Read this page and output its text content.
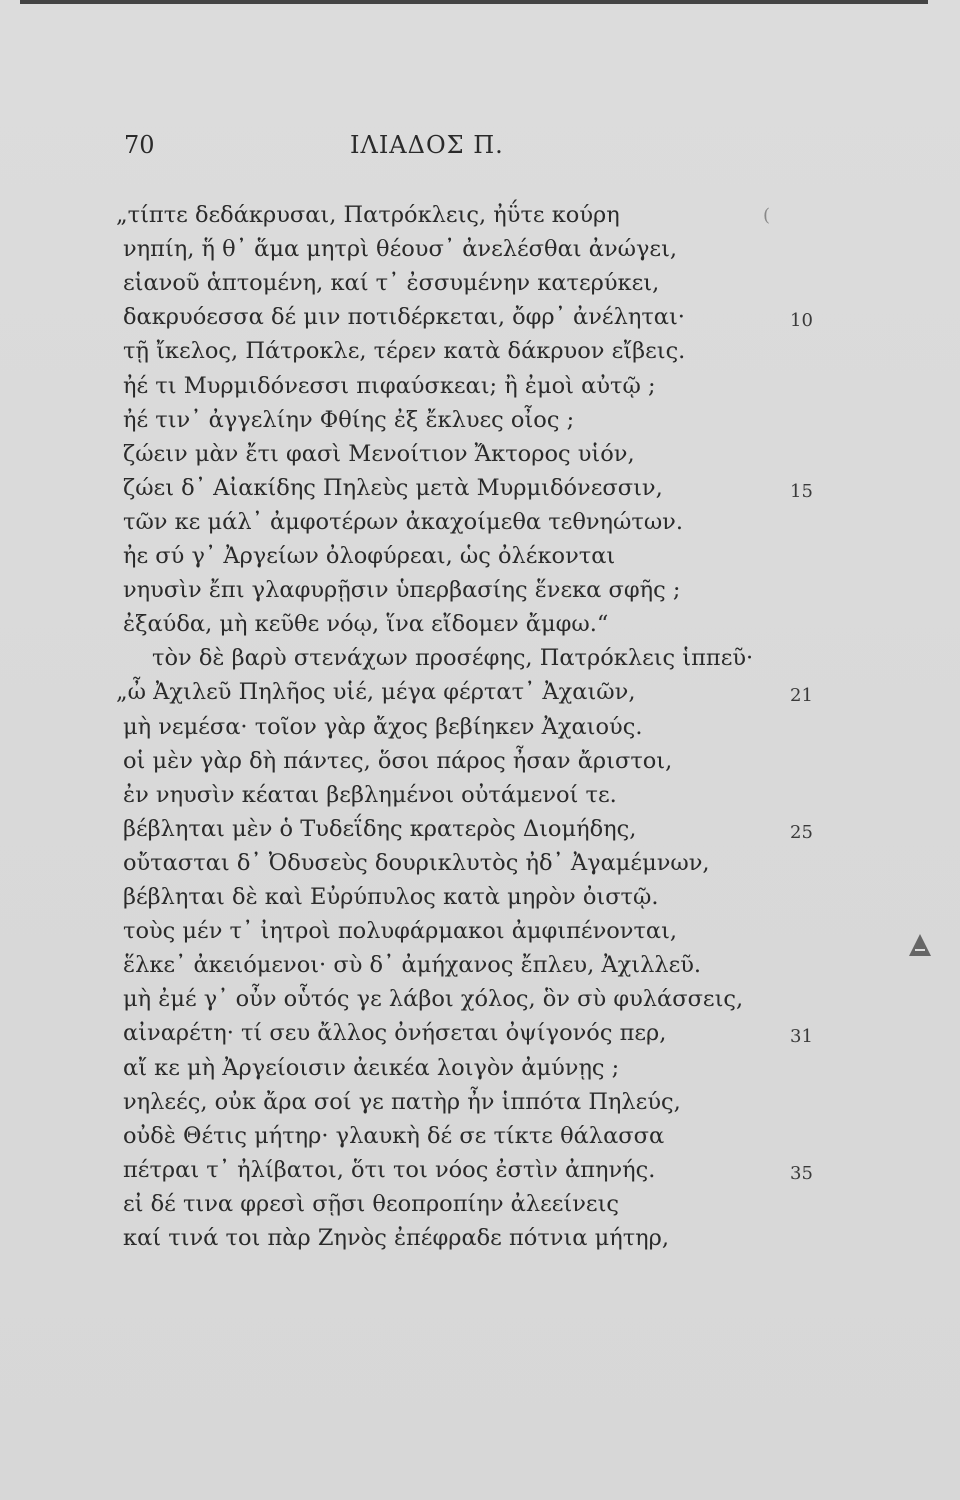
70	ΙΛΙΑΔΟΣ Π.
(
„τίπτε δεδάκρυσαι, Πατρόκλεις, ἠΰτε κούρη
νηπίη, ἥ θ᾽ ἅμα μητρὶ θέουσ᾽ ἀνελέσθαι ἀνώγει,
εἱανοῦ ἁπτομένη, καί τ᾽ ἐσσυμένην κατερύκει,
δακρυόεσσα δέ μιν ποτιδέρκεται, ὄφρ᾽ ἀνέληται·
τῇ ἴκελος, Πάτροκλε, τέρεν κατὰ δάκρυον εἴβεις.
ἠέ τι Μυρμιδόνεσσι πιφαύσκεαι; ἢ ἐμοὶ αὐτῷ ;
ἠέ τιν᾽ ἀγγελίην Φθίης ἐξ ἔκλυες οἶος ;
ζώειν μὰν ἔτι φασὶ Μενοίτιον Ἄκτορος υἱόν,
ζώει δ᾽ Αἰακίδης Πηλεὺς μετὰ Μυρμιδόνεσσιν,
τῶν κε μάλ᾽ ἀμφοτέρων ἀκαχοίμεθα τεθνηώτων.
ἠε σύ γ᾽ Ἀργείων ὀλοφύρεαι, ὡς ὀλέκονται
νηυσὶν ἔπι γλαφυρῇσιν ὑπερβασίης ἕνεκα σφῆς ;
ἐξαύδα, μὴ κεῦθε νόῳ, ἵνα εἴδομεν ἄμφω.“
τὸν δὲ βαρὺ στενάχων προσέφης, Πατρόκλεις ἱππεῦ·
„ὦ Ἀχιλεῦ Πηλῆος υἱέ, μέγα φέρτατ᾽ Ἀχαιῶν,
μὴ νεμέσα· τοῖον γὰρ ἄχος βεβίηκεν Ἀχαιούς.
οἱ μὲν γὰρ δὴ πάντες, ὅσοι πάρος ἦσαν ἄριστοι,
ἐν νηυσὶν κέαται βεβλημένοι οὐτάμενοί τε.
βέβληται μὲν ὁ Τυδεΐδης κρατερὸς Διομήδης,
οὔτασται δ᾽ Ὀδυσεὺς δουρικλυτὸς ἠδ᾽ Ἀγαμέμνων,
βέβληται δὲ καὶ Εὐρύπυλος κατὰ μηρὸν ὀιστῷ.
τοὺς μέν τ᾽ ἰητροὶ πολυφάρμακοι ἀμφιπένονται,
ἕλκε᾽ ἀκειόμενοι· σὺ δ᾽ ἀμήχανος ἔπλευ, Ἀχιλλεῦ.
μὴ ἐμέ γ᾽ οὖν οὗτός γε λάβοι χόλος, ὃν σὺ φυλάσσεις,
αἰναρέτη· τί σευ ἄλλος ὀνήσεται ὀψίγονός περ,
αἴ κε μὴ Ἀργείοισιν ἀεικέα λοιγὸν ἀμύνῃς ;
νηλεές, οὐκ ἄρα σοί γε πατὴρ ἦν ἱππότα Πηλεύς,
οὐδὲ Θέτις μήτηρ· γλαυκὴ δέ σε τίκτε θάλασσα
πέτραι τ᾽ ἠλίβατοι, ὅτι τοι νόος ἐστὶν ἀπηνής.
εἰ δέ τινα φρεσὶ σῇσι θεοπροπίην ἀλεείνεις
καί τινά τοι πὰρ Ζηνὸς ἐπέφραδε πότνια μήτηρ,
10
15
21
25
31
35
